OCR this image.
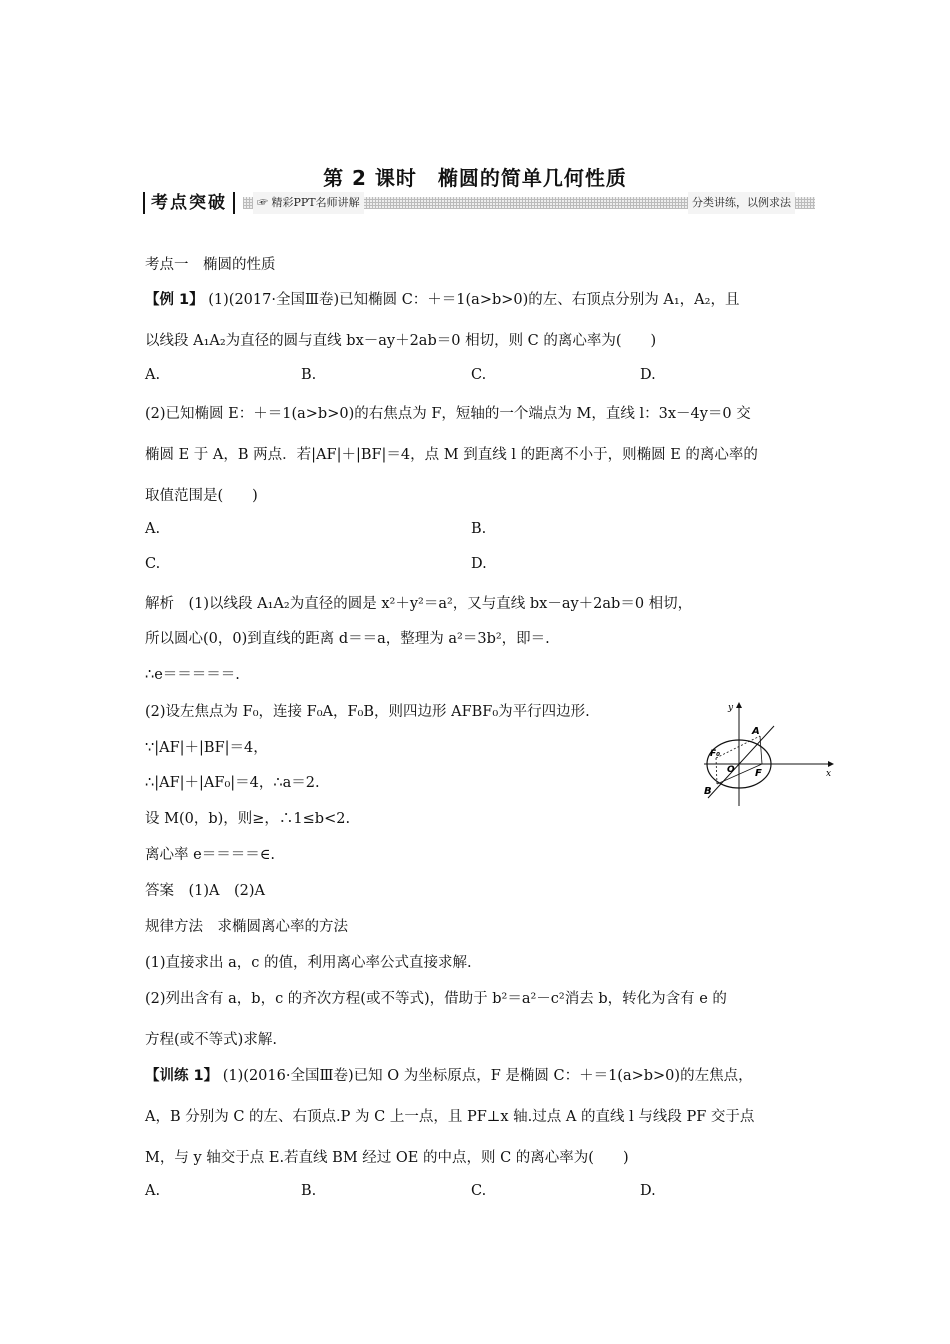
第 2 课时　椭圆的简单几何性质
考点突破	☞ 精彩PPT名师讲解	分类讲练，以例求法
考点一　椭圆的性质
【例 1】 (1)(2017·全国Ⅲ卷)已知椭圆 C：＋＝1(a>b>0)的左、右顶点分别为 A₁，A₂，且
以线段 A₁A₂为直径的圆与直线 bx－ay＋2ab＝0 相切，则 C 的离心率为(　　)
A.	B.	C.	D.
(2)已知椭圆 E：＋＝1(a>b>0)的右焦点为 F，短轴的一个端点为 M，直线 l：3x－4y＝0 交
椭圆 E 于 A，B 两点．若|AF|＋|BF|＝4，点 M 到直线 l 的距离不小于，则椭圆 E 的离心率的
取值范围是(　　)
A.	B.
C.	D.
解析　(1)以线段 A₁A₂为直径的圆是 x²＋y²＝a²，又与直线 bx－ay＋2ab＝0 相切，
所以圆心(0，0)到直线的距离 d＝＝a，整理为 a²＝3b²，即＝.
∴e＝＝＝＝＝.
(2)设左焦点为 F₀，连接 F₀A，F₀B，则四边形 AFBF₀为平行四边形.
∵|AF|＋|BF|＝4，
∴|AF|＋|AF₀|＝4，∴a＝2.
设 M(0，b)，则≥，∴1≤b<2.
离心率 e＝＝＝＝∈.
答案　(1)A　(2)A
规律方法　求椭圆离心率的方法
(1)直接求出 a，c 的值，利用离心率公式直接求解.
(2)列出含有 a，b，c 的齐次方程(或不等式)，借助于 b²＝a²－c²消去 b，转化为含有 e 的
方程(或不等式)求解.
【训练 1】 (1)(2016·全国Ⅲ卷)已知 O 为坐标原点，F 是椭圆 C：＋＝1(a>b>0)的左焦点，
A，B 分别为 C 的左、右顶点.P 为 C 上一点，且 PF⊥x 轴.过点 A 的直线 l 与线段 PF 交于点
M，与 y 轴交于点 E.若直线 BM 经过 OE 的中点，则 C 的离心率为(　　)
A.	B.	C.	D.
y
x
A
B
F
F₀
O
